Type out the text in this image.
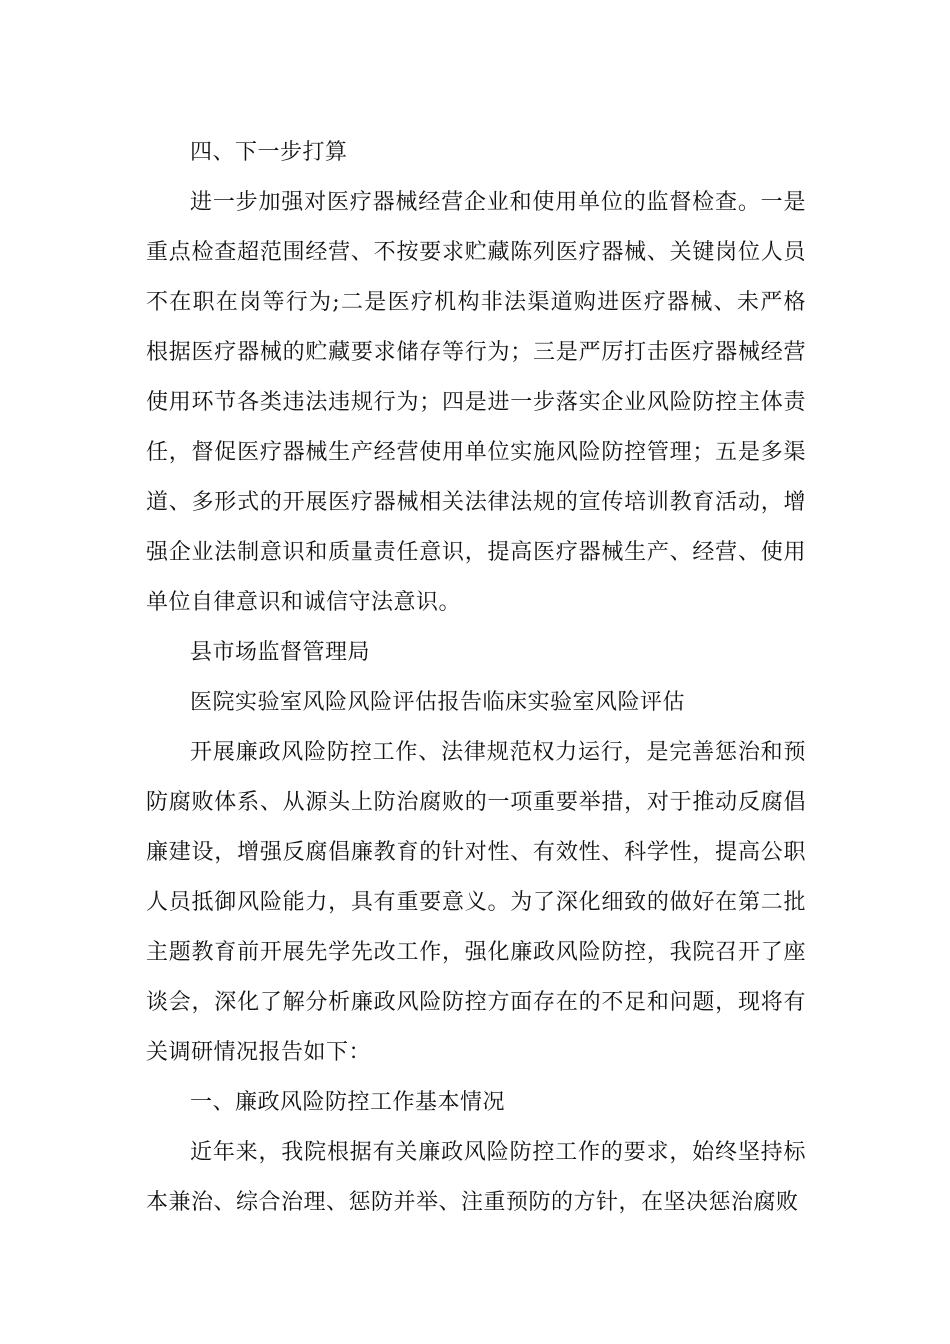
四、下一步打算

进一步加强对医疗器械经营企业和使用单位的监督检查。一是重点检查超范围经营、不按要求贮藏陈列医疗器械、关键岗位人员不在职在岗等行为;二是医疗机构非法渠道购进医疗器械、未严格根据医疗器械的贮藏要求储存等行为；三是严厉打击医疗器械经营使用环节各类违法违规行为；四是进一步落实企业风险防控主体责任，督促医疗器械生产经营使用单位实施风险防控管理；五是多渠道、多形式的开展医疗器械相关法律法规的宣传培训教育活动，增强企业法制意识和质量责任意识，提高医疗器械生产、经营、使用单位自律意识和诚信守法意识。

县市场监督管理局

医院实验室风险风险评估报告临床实验室风险评估

开展廉政风险防控工作、法律规范权力运行，是完善惩治和预防腐败体系、从源头上防治腐败的一项重要举措，对于推动反腐倡廉建设，增强反腐倡廉教育的针对性、有效性、科学性，提高公职人员抵御风险能力，具有重要意义。为了深化细致的做好在第二批主题教育前开展先学先改工作，强化廉政风险防控，我院召开了座谈会，深化了解分析廉政风险防控方面存在的不足和问题，现将有关调研情况报告如下：

一、廉政风险防控工作基本情况

近年来，我院根据有关廉政风险防控工作的要求，始终坚持标本兼治、综合治理、惩防并举、注重预防的方针，在坚决惩治腐败
